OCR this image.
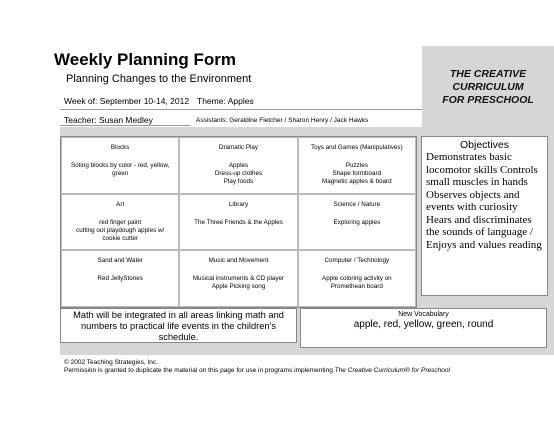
Weekly Planning Form
Planning Changes to the Environment	THE CREATIVE
CURRICULUM
FOR PRESCHOOL
Week of: September 10-14, 2012 Theme: Apples
Teacher: Susan Medley	Assistants: Geraldine Fletcher / Sharon Henry / Jack Hawks
Blocks
Soting blocks by color - red, yellow, green
Dramatic Play
Apples
Dress-up clothes
Play foods
Toys and Games (Manipulatives)
Puzzles
Shape formboard
Magnetic apples & board
Art
red finger paint
cutting out playdough apples w/ cookie cutter
Library
The Three Friends & the Apples
Science / Nature
Exploring apples
Sand and Water
Red JellyStones
Music and Movement
Musical instruments & CD player Apple Picking song
Computer / Technology
Apple coloring activity on Promethean board
Objectives
Demonstrates basic locomotor skills Controls small muscles in hands Observes objects and events with curiosity Hears and discriminates the sounds of language / Enjoys and values reading
Math will be integrated in all areas linking math and numbers to practical life events in the children's schedule.
New Vocabulary
apple, red, yellow, green, round
© 2002 Teaching Strategies, Inc.
Permission is granted to duplicate the material on this page for use in programs implementing The Creative Curriculum® for Preschool
